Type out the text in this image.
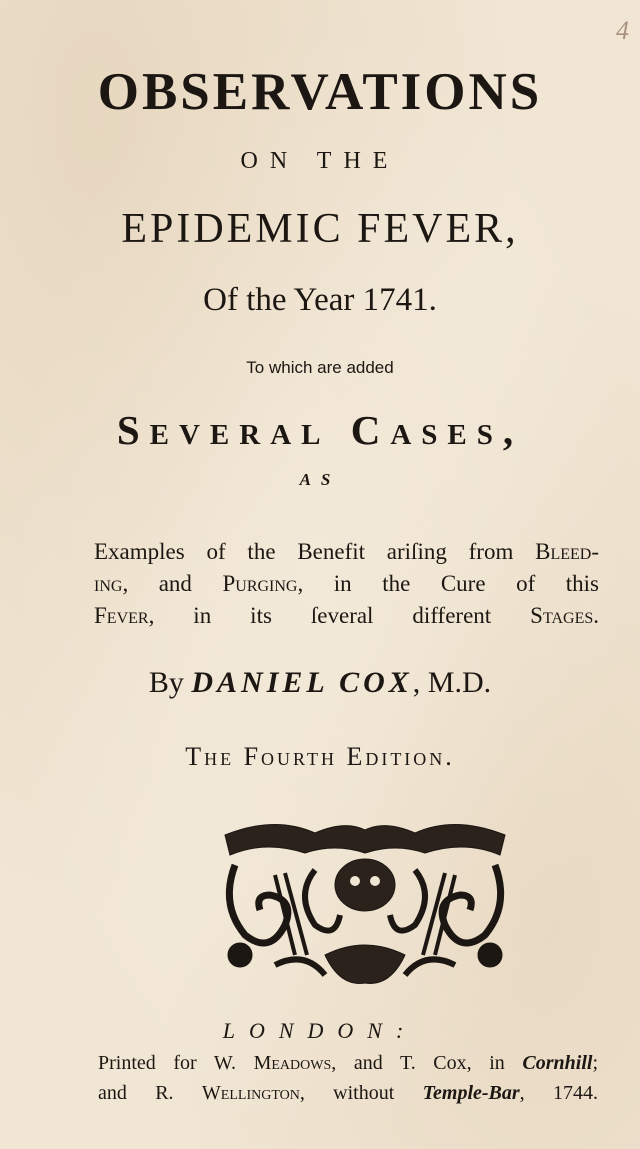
4
OBSERVATIONS
ON THE
EPIDEMIC FEVER,
Of the Year 1741.
To which are added
Several Cases,
AS
Examples of the Benefit ariſing from Bleed-
ing, and Purging, in the Cure of this
Fever, in its ſeveral different Stages.
By DANIEL COX, M.D.
The Fourth Edition.
LONDON:
Printed for W. Meadows, and T. Cox, in Cornhill;
and R. Wellington, without Temple-Bar, 1744.
